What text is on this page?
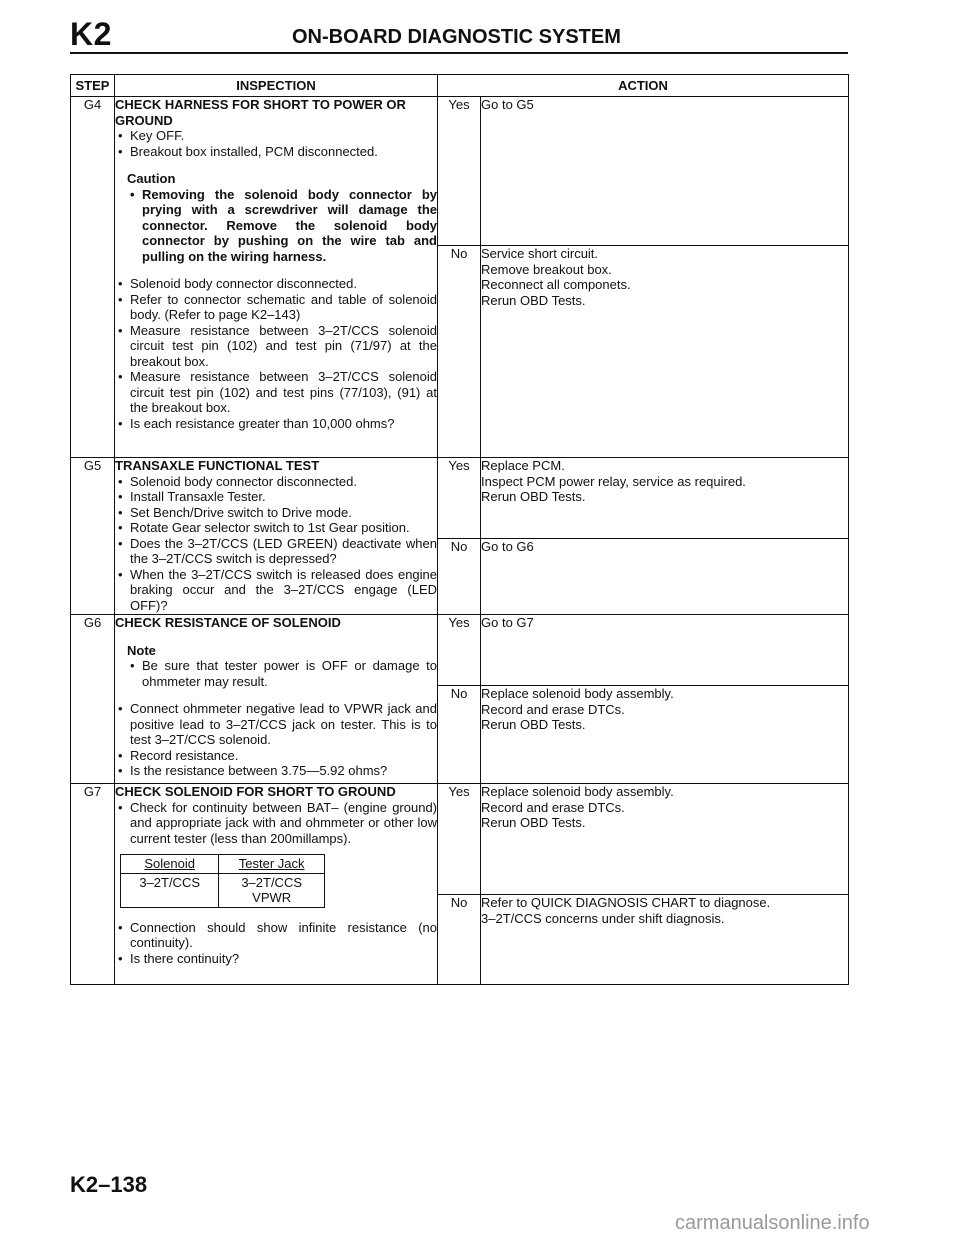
K2	ON-BOARD DIAGNOSTIC SYSTEM
STEP	INSPECTION	ACTION
G4	CHECK HARNESS FOR SHORT TO POWER OR GROUND
• Key OFF.
• Breakout box installed, PCM disconnected.
Caution
• Removing the solenoid body connector by prying with a screwdriver will damage the connector. Remove the solenoid body connector by pushing on the wire tab and pulling on the wiring harness.
• Solenoid body connector disconnected.
• Refer to connector schematic and table of solenoid body. (Refer to page K2–143)
• Measure resistance between 3–2T/CCS solenoid circuit test pin (102) and test pin (71/97) at the breakout box.
• Measure resistance between 3–2T/CCS solenoid circuit test pin (102) and test pins (77/103), (91) at the breakout box.
• Is each resistance greater than 10,000 ohms?
	Yes	Go to G5

No	Service short circuit.
Remove breakout box.
Reconnect all componets.
Rerun OBD Tests.

G5	TRANSAXLE FUNCTIONAL TEST
• Solenoid body connector disconnected.
• Install Transaxle Tester.
• Set Bench/Drive switch to Drive mode.
• Rotate Gear selector switch to 1st Gear position.
• Does the 3–2T/CCS (LED GREEN) deactivate when the 3–2T/CCS switch is depressed?
• When the 3–2T/CCS switch is released does engine braking occur and the 3–2T/CCS engage (LED OFF)?
	Yes	Replace PCM.
Inspect PCM power relay, service as required.
Rerun OBD Tests.

No	Go to G6

G6	CHECK RESISTANCE OF SOLENOID
Note
• Be sure that tester power is OFF or damage to ohmmeter may result.
• Connect ohmmeter negative lead to VPWR jack and positive lead to 3–2T/CCS jack on tester. This is to test 3–2T/CCS solenoid.
• Record resistance.
• Is the resistance between 3.75—5.92 ohms?
	Yes	Go to G7

No	Replace solenoid body assembly.
Record and erase DTCs.
Rerun OBD Tests.

G7	CHECK SOLENOID FOR SHORT TO GROUND
• Check for continuity between BAT– (engine ground) and appropriate jack with and ohmmeter or other low current tester (less than 200millamps).
Solenoid	Tester Jack
3–2T/CCS	3–2T/CCS
VPWR
• Connection should show infinite resistance (no continuity).
• Is there continuity?
	Yes	Replace solenoid body assembly.
Record and erase DTCs.
Rerun OBD Tests.

No	Refer to QUICK DIAGNOSIS CHART to diagnose.
3–2T/CCS concerns under shift diagnosis.
K2–138
carmanualsonline.info
